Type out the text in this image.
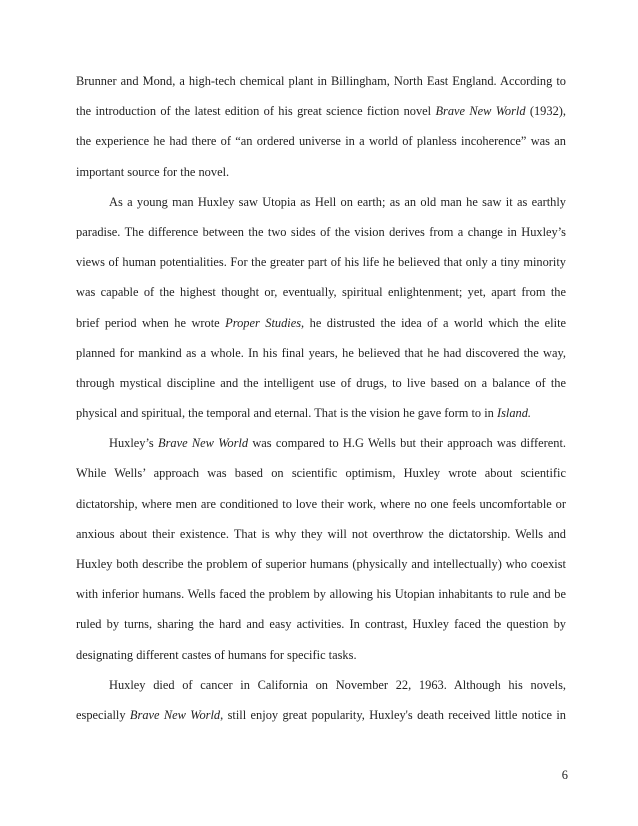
Brunner and Mond, a high-tech chemical plant in Billingham, North East England. According to
the introduction of the latest edition of his great science fiction novel Brave New World (1932),
the experience he had there of “an ordered universe in a world of planless incoherence” was an
important source for the novel.
As a young man Huxley saw Utopia as Hell on earth; as an old man he saw it as earthly
paradise. The difference between the two sides of the vision derives from a change in Huxley’s
views of human potentialities. For the greater part of his life he believed that only a tiny minority
was capable of the highest thought or, eventually, spiritual enlightenment; yet, apart from the
brief period when he wrote Proper Studies, he distrusted the idea of a world which the elite
planned for mankind as a whole. In his final years, he believed that he had discovered the way,
through mystical discipline and the intelligent use of drugs, to live based on a balance of the
physical and spiritual, the temporal and eternal. That is the vision he gave form to in Island.
Huxley’s Brave New World was compared to H.G Wells but their approach was different.
While Wells’ approach was based on scientific optimism, Huxley wrote about scientific
dictatorship, where men are conditioned to love their work, where no one feels uncomfortable or
anxious about their existence. That is why they will not overthrow the dictatorship. Wells and
Huxley both describe the problem of superior humans (physically and intellectually) who coexist
with inferior humans. Wells faced the problem by allowing his Utopian inhabitants to rule and be
ruled by turns, sharing the hard and easy activities. In contrast, Huxley faced the question by
designating different castes of humans for specific tasks.
Huxley died of cancer in California on November 22, 1963. Although his novels,
especially Brave New World, still enjoy great popularity, Huxley's death received little notice in
6
